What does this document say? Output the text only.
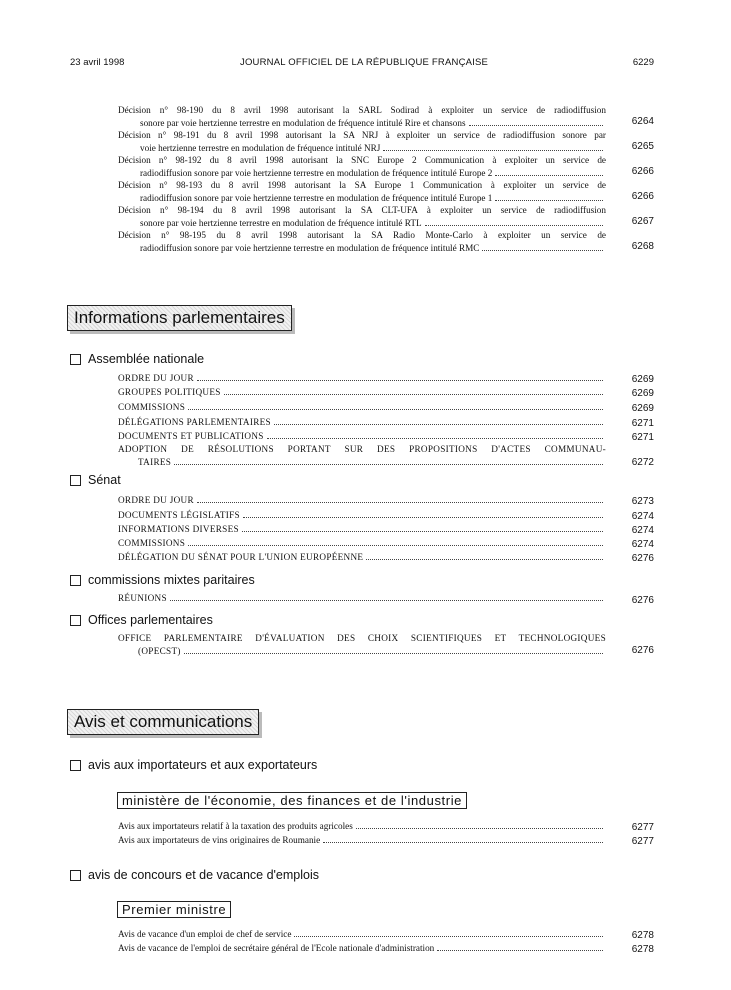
23 avril 1998	JOURNAL OFFICIEL DE LA RÉPUBLIQUE FRANÇAISE	6229
Décision n° 98-190 du 8 avril 1998 autorisant la SARL Sodirad à exploiter un service de radiodiffusion
sonore par voie hertzienne terrestre en modulation de fréquence intitulé Rire et chansons	6264
Décision n° 98-191 du 8 avril 1998 autorisant la SA NRJ à exploiter un service de radiodiffusion sonore par
voie hertzienne terrestre en modulation de fréquence intitulé NRJ	6265
Décision n° 98-192 du 8 avril 1998 autorisant la SNC Europe 2 Communication à exploiter un service de
radiodiffusion sonore par voie hertzienne terrestre en modulation de fréquence intitulé Europe 2	6266
Décision n° 98-193 du 8 avril 1998 autorisant la SA Europe 1 Communication à exploiter un service de
radiodiffusion sonore par voie hertzienne terrestre en modulation de fréquence intitulé Europe 1	6266
Décision n° 98-194 du 8 avril 1998 autorisant la SA CLT-UFA à exploiter un service de radiodiffusion
sonore par voie hertzienne terrestre en modulation de fréquence intitulé RTL	6267
Décision n° 98-195 du 8 avril 1998 autorisant la SA Radio Monte-Carlo à exploiter un service de
radiodiffusion sonore par voie hertzienne terrestre en modulation de fréquence intitulé RMC	6268
Informations parlementaires
Assemblée nationale
ORDRE DU JOUR	6269
GROUPES POLITIQUES	6269
COMMISSIONS	6269
DÉLÉGATIONS PARLEMENTAIRES	6271
DOCUMENTS ET PUBLICATIONS	6271
ADOPTION DE RÉSOLUTIONS PORTANT SUR DES PROPOSITIONS D'ACTES COMMUNAU-
TAIRES	6272
Sénat
ORDRE DU JOUR	6273
DOCUMENTS LÉGISLATIFS	6274
INFORMATIONS DIVERSES	6274
COMMISSIONS	6274
DÉLÉGATION DU SÉNAT POUR L'UNION EUROPÉENNE	6276
commissions mixtes paritaires
RÉUNIONS	6276
Offices parlementaires
OFFICE PARLEMENTAIRE D'ÉVALUATION DES CHOIX SCIENTIFIQUES ET TECHNOLOGIQUES
(OPECST)	6276
Avis et communications
avis aux importateurs et aux exportateurs
ministère de l'économie, des finances et de l'industrie
Avis aux importateurs relatif à la taxation des produits agricoles	6277
Avis aux importateurs de vins originaires de Roumanie	6277
avis de concours et de vacance d'emplois
Premier ministre
Avis de vacance d'un emploi de chef de service	6278
Avis de vacance de l'emploi de secrétaire général de l'Ecole nationale d'administration	6278
